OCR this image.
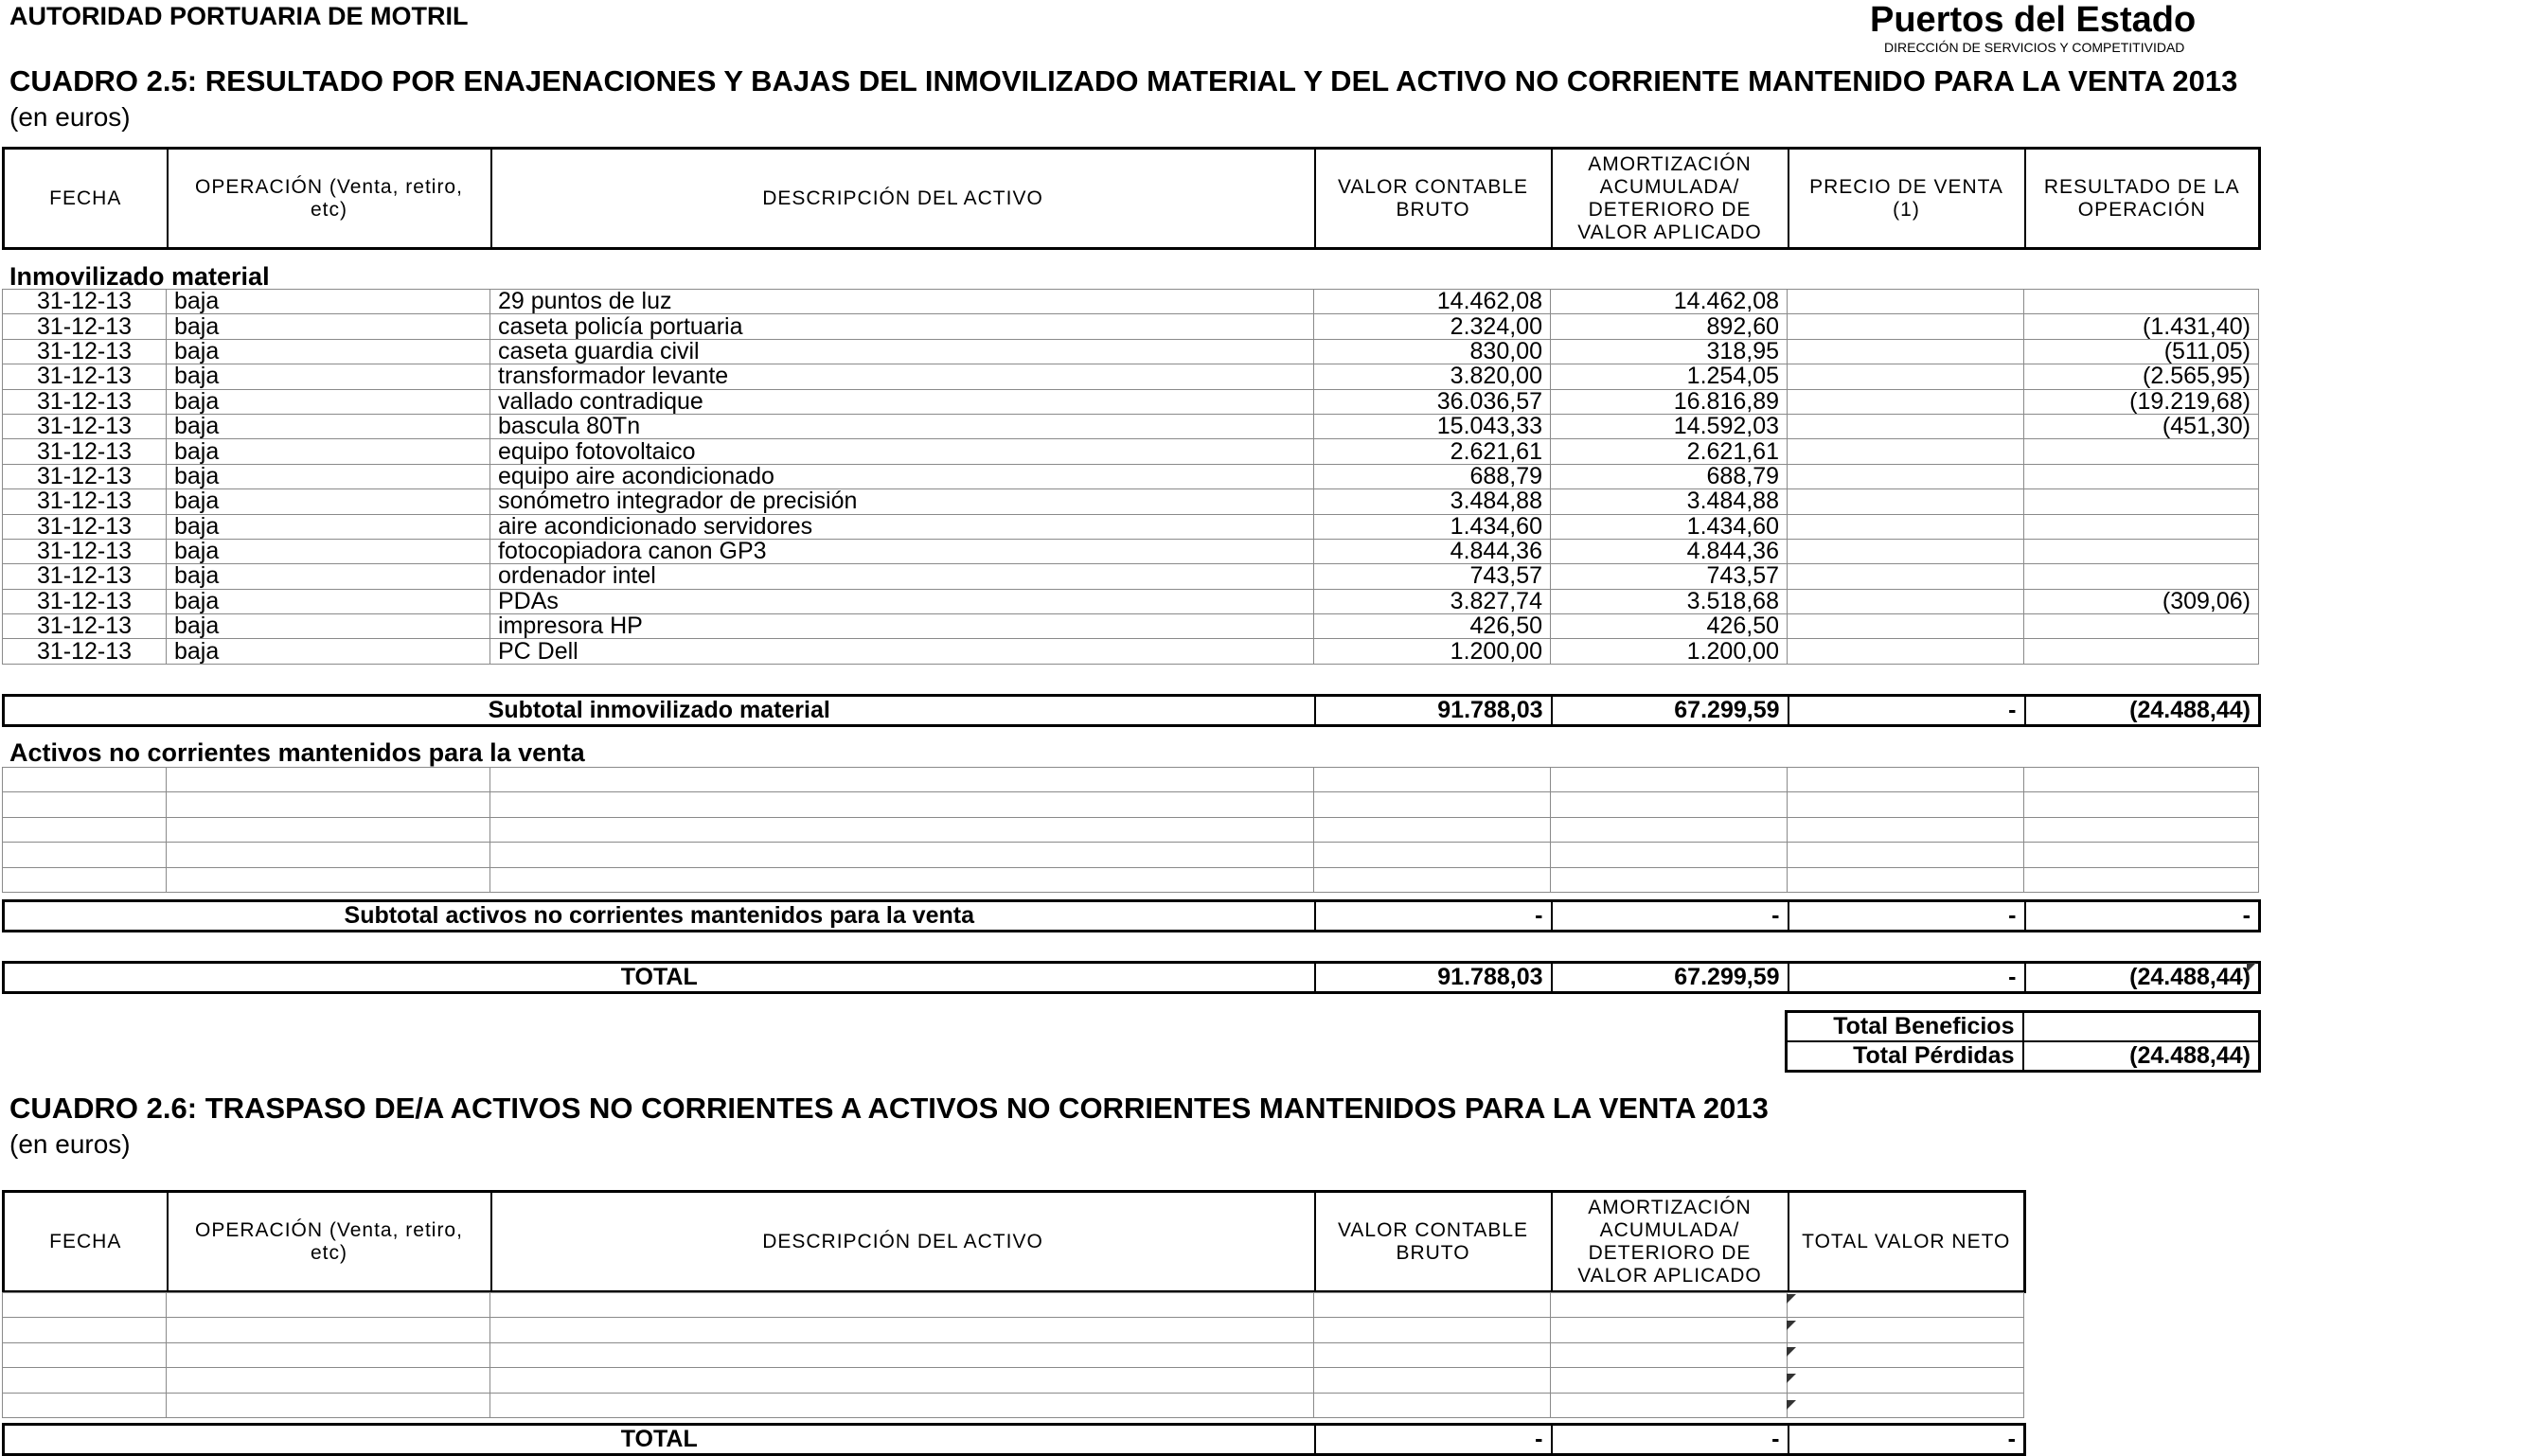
AUTORIDAD PORTUARIA DE MOTRIL	Puertos del Estado
DIRECCIÓN DE SERVICIOS Y COMPETITIVIDAD
CUADRO 2.5: RESULTADO POR ENAJENACIONES Y BAJAS DEL INMOVILIZADO MATERIAL Y DEL ACTIVO NO CORRIENTE MANTENIDO PARA LA VENTA 2013
(en euros)
FECHA	OPERACIÓN (Venta, retiro, etc)	DESCRIPCIÓN DEL ACTIVO	VALOR CONTABLE BRUTO	AMORTIZACIÓN ACUMULADA/ DETERIORO DE VALOR APLICADO	PRECIO DE VENTA (1)	RESULTADO DE LA OPERACIÓN
Inmovilizado material
31-12-13	baja	29 puntos de luz	14.462,08	14.462,08		
31-12-13	baja	caseta policía portuaria	2.324,00	892,60		(1.431,40)
31-12-13	baja	caseta guardia civil	830,00	318,95		(511,05)
31-12-13	baja	transformador levante	3.820,00	1.254,05		(2.565,95)
31-12-13	baja	vallado contradique	36.036,57	16.816,89		(19.219,68)
31-12-13	baja	bascula 80Tn	15.043,33	14.592,03		(451,30)
31-12-13	baja	equipo fotovoltaico	2.621,61	2.621,61		
31-12-13	baja	equipo aire acondicionado	688,79	688,79		
31-12-13	baja	sonómetro integrador de precisión	3.484,88	3.484,88		
31-12-13	baja	aire acondicionado servidores	1.434,60	1.434,60		
31-12-13	baja	fotocopiadora canon GP3	4.844,36	4.844,36		
31-12-13	baja	ordenador intel	743,57	743,57		
31-12-13	baja	PDAs	3.827,74	3.518,68		(309,06)
31-12-13	baja	impresora HP	426,50	426,50		
31-12-13	baja	PC Dell	1.200,00	1.200,00		
Subtotal inmovilizado material	91.788,03	67.299,59	-	(24.488,44)
Activos no corrientes mantenidos para la venta

Subtotal activos no corrientes mantenidos para la venta	-	-	-	-
TOTAL	91.788,03	67.299,59	-	(24.488,44)
Total Beneficios	
Total Pérdidas	(24.488,44)
CUADRO 2.6: TRASPASO DE/A ACTIVOS NO CORRIENTES A ACTIVOS NO CORRIENTES MANTENIDOS PARA LA VENTA 2013
(en euros)
FECHA	OPERACIÓN (Venta, retiro, etc)	DESCRIPCIÓN DEL ACTIVO	VALOR CONTABLE BRUTO	AMORTIZACIÓN ACUMULADA/ DETERIORO DE VALOR APLICADO	TOTAL VALOR NETO

TOTAL	-	-	-
